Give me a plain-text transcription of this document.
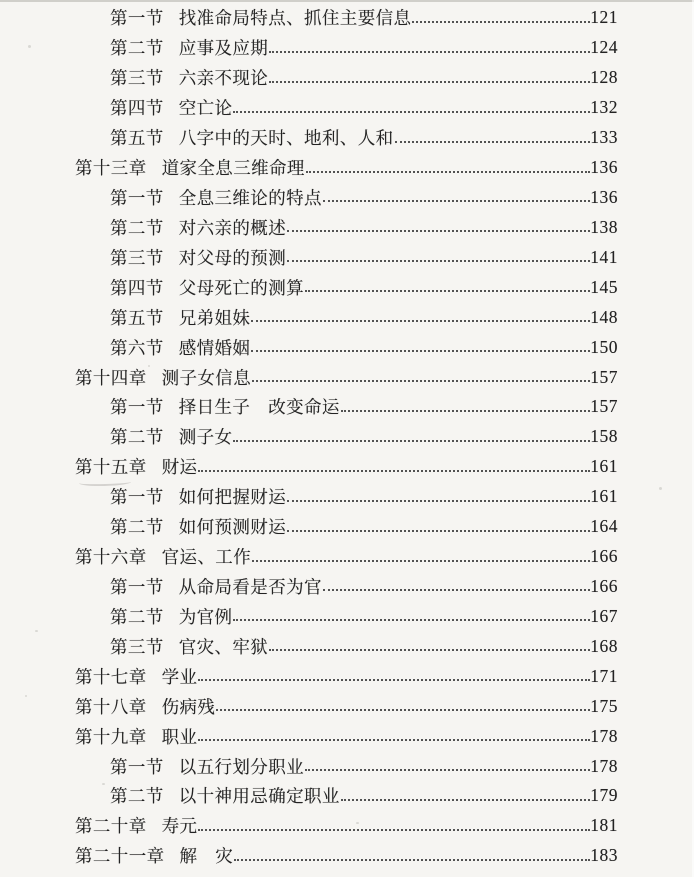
第一节 找准命局特点、抓住主要信息	121
第二节 应事及应期	124
第三节 六亲不现论	128
第四节 空亡论	132
第五节 八字中的天时、地利、人和	133
第十三章 道家全息三维命理	136
第一节 全息三维论的特点	136
第二节 对六亲的概述	138
第三节 对父母的预测	141
第四节 父母死亡的测算	145
第五节 兄弟姐妹	148
第六节 感情婚姻	150
第十四章 测子女信息	157
第一节 择日生子　改变命运	157
第二节 测子女	158
第十五章 财运	161
第一节 如何把握财运	161
第二节 如何预测财运	164
第十六章 官运、工作	166
第一节 从命局看是否为官	166
第二节 为官例	167
第三节 官灾、牢狱	168
第十七章 学业	171
第十八章 伤病残	175
第十九章 职业	178
第一节 以五行划分职业	178
第二节 以十神用忌确定职业	179
第二十章 寿元	181
第二十一章 解　灾	183
